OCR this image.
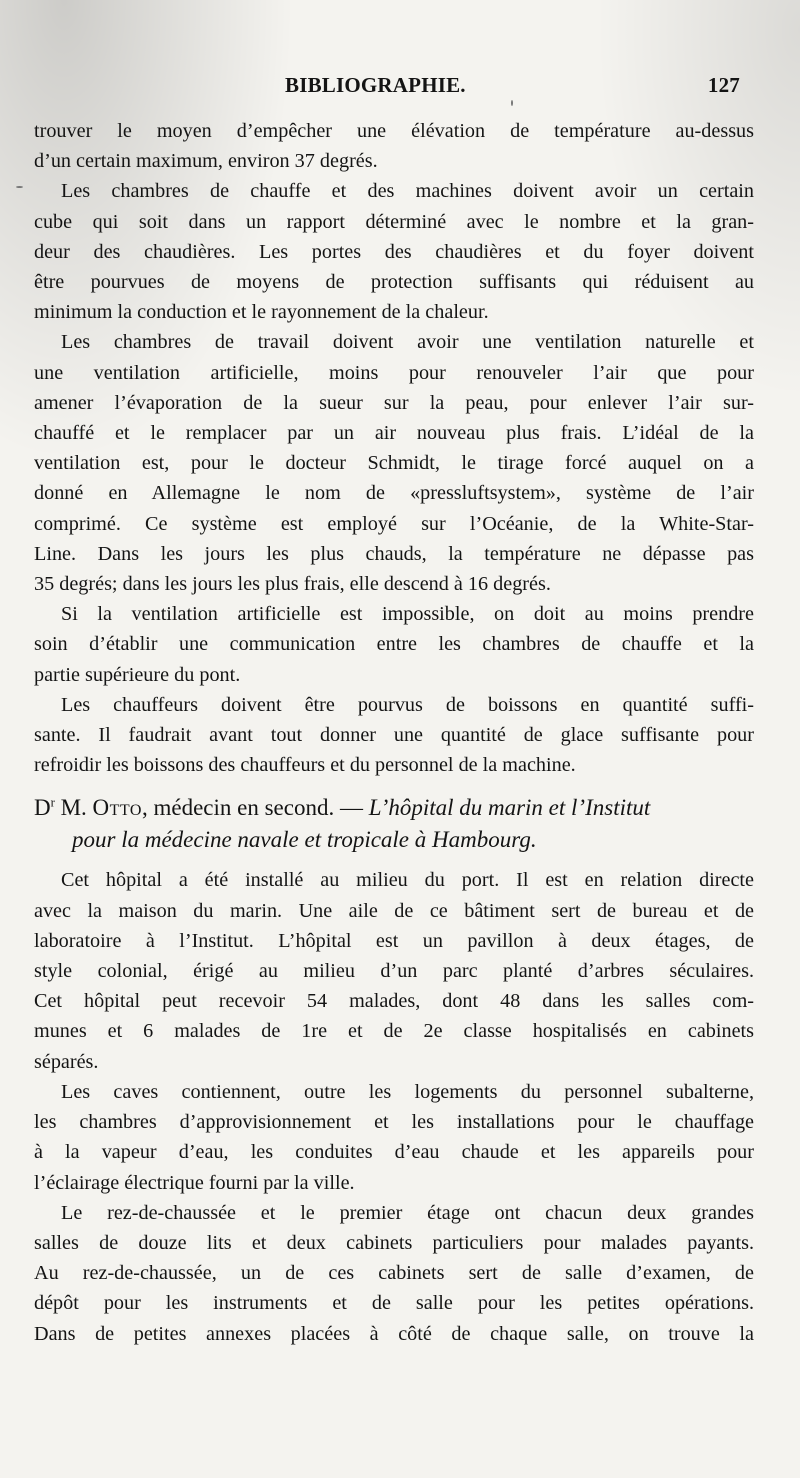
BIBLIOGRAPHIE.	127

trouver le moyen d’empêcher une élévation de température au-dessus

d’un certain maximum, environ 37 degrés.

Les chambres de chauffe et des machines doivent avoir un certain

cube qui soit dans un rapport déterminé avec le nombre et la gran-

deur des chaudières. Les portes des chaudières et du foyer doivent

être pourvues de moyens de protection suffisants qui réduisent au

minimum la conduction et le rayonnement de la chaleur.

Les chambres de travail doivent avoir une ventilation naturelle et

une ventilation artificielle, moins pour renouveler l’air que pour

amener l’évaporation de la sueur sur la peau, pour enlever l’air sur-

chauffé et le remplacer par un air nouveau plus frais. L’idéal de la

ventilation est, pour le docteur Schmidt, le tirage forcé auquel on a

donné en Allemagne le nom de «pressluftsystem», système de l’air

comprimé. Ce système est employé sur l’Océanie, de la White-Star-

Line. Dans les jours les plus chauds, la température ne dépasse pas

35 degrés; dans les jours les plus frais, elle descend à 16 degrés.

Si la ventilation artificielle est impossible, on doit au moins prendre

soin d’établir une communication entre les chambres de chauffe et la

partie supérieure du pont.

Les chauffeurs doivent être pourvus de boissons en quantité suffi-

sante. Il faudrait avant tout donner une quantité de glace suffisante pour

refroidir les boissons des chauffeurs et du personnel de la machine.

$D^r$ M. Otto, médecin en second. — L’hôpital du marin et l’Institut

pour la médecine navale et tropicale à Hambourg.

Cet hôpital a été installé au milieu du port. Il est en relation directe

avec la maison du marin. Une aile de ce bâtiment sert de bureau et de

laboratoire à l’Institut. L’hôpital est un pavillon à deux étages, de

style colonial, érigé au milieu d’un parc planté d’arbres séculaires.

Cet hôpital peut recevoir 54 malades, dont 48 dans les salles com-

munes et 6 malades de 1re et de 2e classe hospitalisés en cabinets

séparés.

Les caves contiennent, outre les logements du personnel subalterne,

les chambres d’approvisionnement et les installations pour le chauffage

à la vapeur d’eau, les conduites d’eau chaude et les appareils pour

l’éclairage électrique fourni par la ville.

Le rez-de-chaussée et le premier étage ont chacun deux grandes

salles de douze lits et deux cabinets particuliers pour malades payants.

Au rez-de-chaussée, un de ces cabinets sert de salle d’examen, de

dépôt pour les instruments et de salle pour les petites opérations.

Dans de petites annexes placées à côté de chaque salle, on trouve la
